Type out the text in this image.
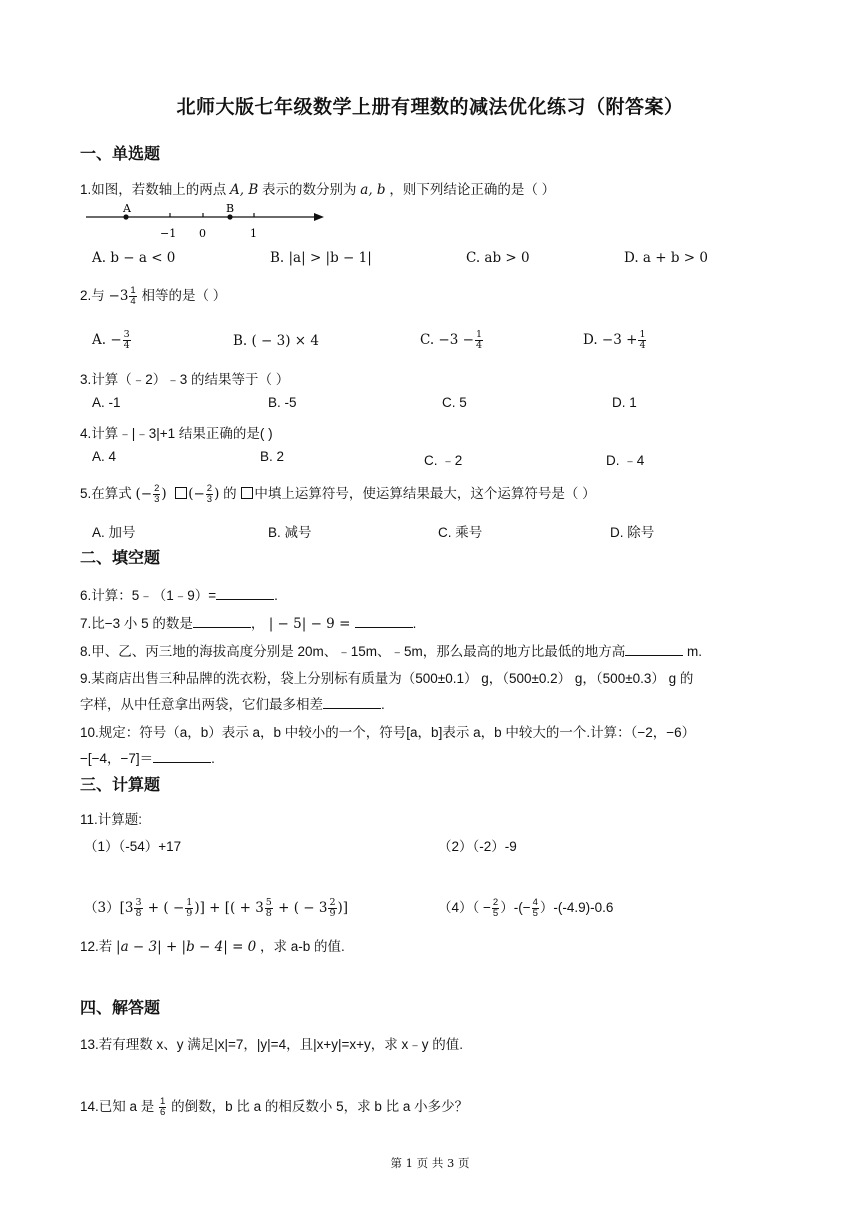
北师大版七年级数学上册有理数的减法优化练习（附答案）
一、单选题
1.如图，若数轴上的两点 A, B 表示的数分别为 a, b ，则下列结论正确的是（ ）
A	B
−1 0	1
A. b − a < 0	B. |a| > |b − 1|	C. ab > 0	D. a + b > 0
2.与 $-3 \frac{1}{4}$ 相等的是（ ）
A. − $\frac{3}{4}$	B. ( − 3) × 4	C. $-3 - \frac{1}{4}$	D. $-3 + \frac{1}{4}$
3.计算（﹣2）﹣3 的结果等于（ ）
A. -1	B. -5	C. 5	D. 1
4.计算﹣|﹣3|+1 结果正确的是( )
A. 4	B. 2	C. ﹣2	D. ﹣4
5.在算式 (− $\frac{2}{3}$ ) (− $\frac{2}{3}$ ) 的 中填上运算符号，使运算结果最大，这个运算符号是（ ）
A. 加号	B. 减号	C. 乘号	D. 除号
二、填空题
6.计算：5﹣（1﹣9）=	.
7.比−3 小 5 的数是	， | − 5| − 9 =	.
8.甲、乙、丙三地的海拔高度分别是 20m、﹣15m、﹣5m，那么最高的地方比最低的地方高	m.
9.某商店出售三种品牌的洗衣粉，袋上分别标有质量为（500±0.1） g，（500±0.2） g，（500±0.3） g 的
字样，从中任意拿出两袋，它们最多相差	.
10.规定：符号（a，b）表示 a，b 中较小的一个，符号[a，b]表示 a，b 中较大的一个.计算：（−2，−6）
−[−4，−7]＝	.
三、计算题
11.计算题:
（1）（-54）+17	（2）（-2）-9
$(3)[3 \frac{3}{8}$ + ( − $\frac{1}{9}$ )] + [( + $3 \frac{5}{8}$ + ( − $3 \frac{2}{9}$ )]	$(4)( - \frac{2}{5}$ ）-(− $\frac{4}{5} )-(-4.9)-0.6$
12.若 |a − 3| + |b − 4| = 0 ，求 a-b 的值.
四、解答题
13.若有理数 x、y 满足|x|=7，|y|=4，且|x+y|=x+y，求 x﹣y 的值.
14.已知 a 是 $\frac{1}{6}$ 的倒数，b 比 a 的相反数小 5，求 b 比 a 小多少？
第 1 页 共 3 页
